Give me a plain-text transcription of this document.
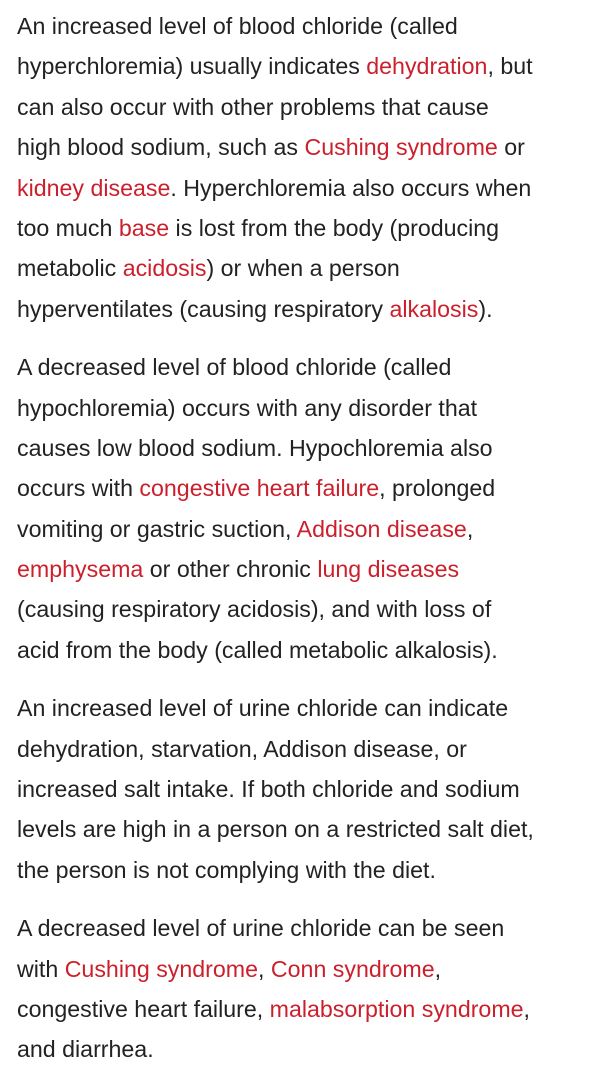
An increased level of blood chloride (called
hyperchloremia) usually indicates dehydration, but
can also occur with other problems that cause
high blood sodium, such as Cushing syndrome or
kidney disease. Hyperchloremia also occurs when
too much base is lost from the body (producing
metabolic acidosis) or when a person
hyperventilates (causing respiratory alkalosis).

A decreased level of blood chloride (called
hypochloremia) occurs with any disorder that
causes low blood sodium. Hypochloremia also
occurs with congestive heart failure, prolonged
vomiting or gastric suction, Addison disease,
emphysema or other chronic lung diseases
(causing respiratory acidosis), and with loss of
acid from the body (called metabolic alkalosis).

An increased level of urine chloride can indicate
dehydration, starvation, Addison disease, or
increased salt intake. If both chloride and sodium
levels are high in a person on a restricted salt diet,
the person is not complying with the diet.

A decreased level of urine chloride can be seen
with Cushing syndrome, Conn syndrome,
congestive heart failure, malabsorption syndrome,
and diarrhea.
